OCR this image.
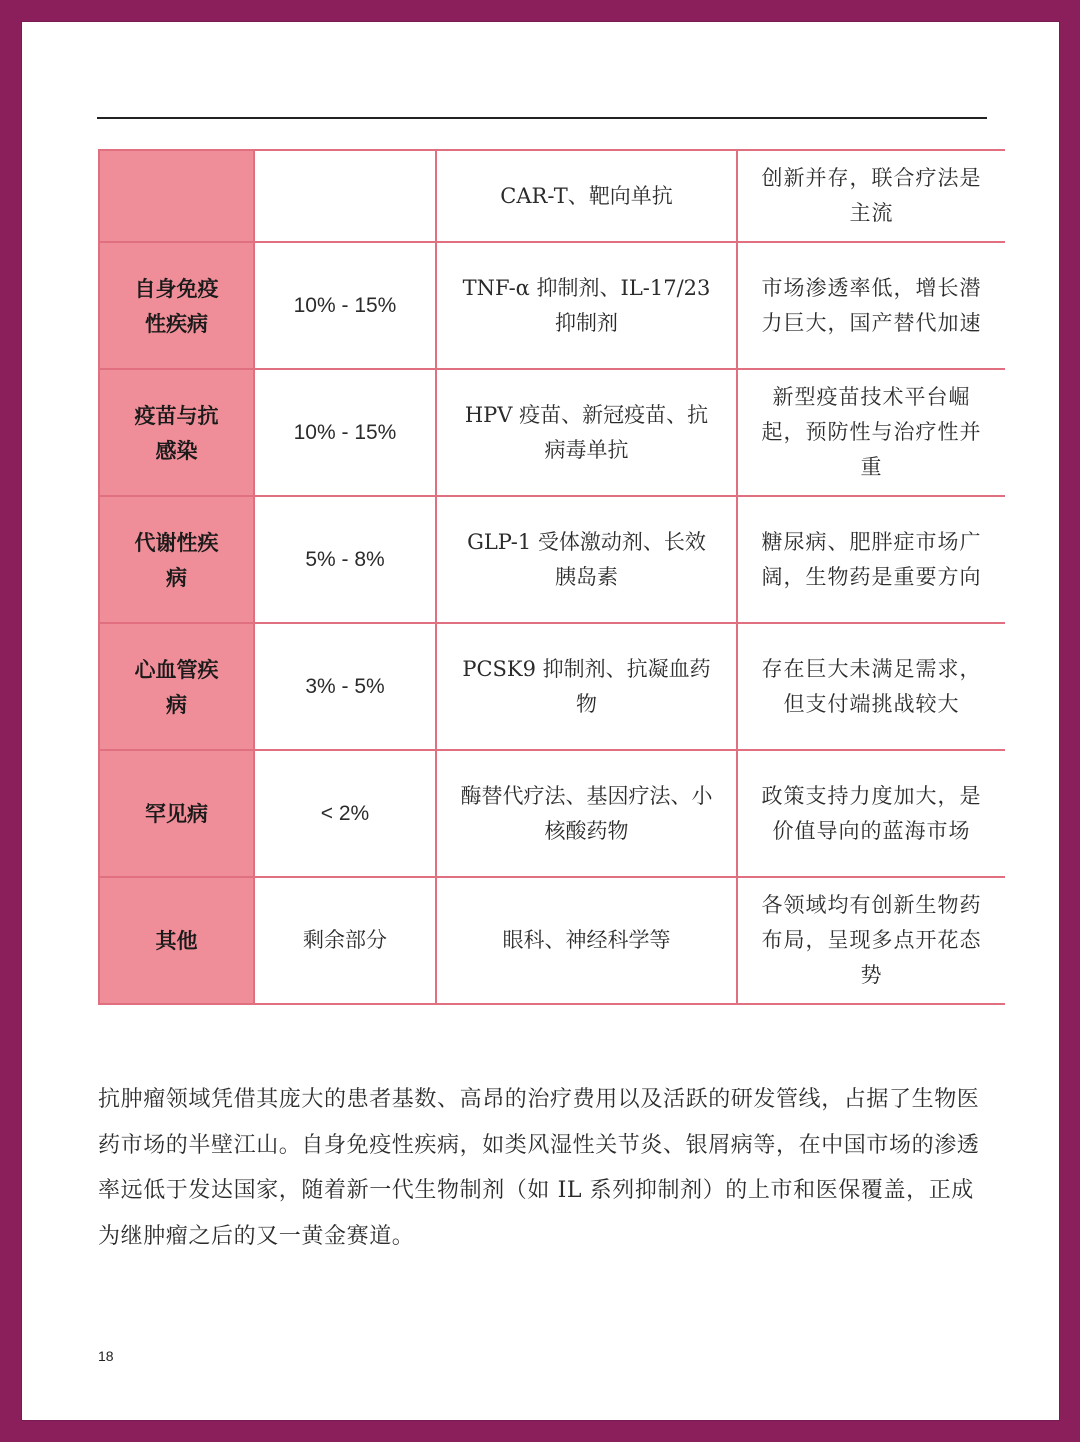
		CAR-T、靶向单抗	创新并存，联合疗法是主流
自身免疫性疾病	10% - 15%	TNF-α 抑制剂、IL-17/23 抑制剂	市场渗透率低，增长潜力巨大，国产替代加速
疫苗与抗感染	10% - 15%	HPV 疫苗、新冠疫苗、抗病毒单抗	新型疫苗技术平台崛起，预防性与治疗性并重
代谢性疾病	5% - 8%	GLP-1 受体激动剂、长效胰岛素	糖尿病、肥胖症市场广阔，生物药是重要方向
心血管疾病	3% - 5%	PCSK9 抑制剂、抗凝血药物	存在巨大未满足需求，但支付端挑战较大
罕见病	< 2%	酶替代疗法、基因疗法、小核酸药物	政策支持力度加大，是价值导向的蓝海市场
其他	剩余部分	眼科、神经科学等	各领域均有创新生物药布局，呈现多点开花态势

抗肿瘤领域凭借其庞大的患者基数、高昂的治疗费用以及活跃的研发管线，占据了生物医药市场的半壁江山。自身免疫性疾病，如类风湿性关节炎、银屑病等，在中国市场的渗透率远低于发达国家，随着新一代生物制剂（如 IL 系列抑制剂）的上市和医保覆盖，正成为继肿瘤之后的又一黄金赛道。

18
